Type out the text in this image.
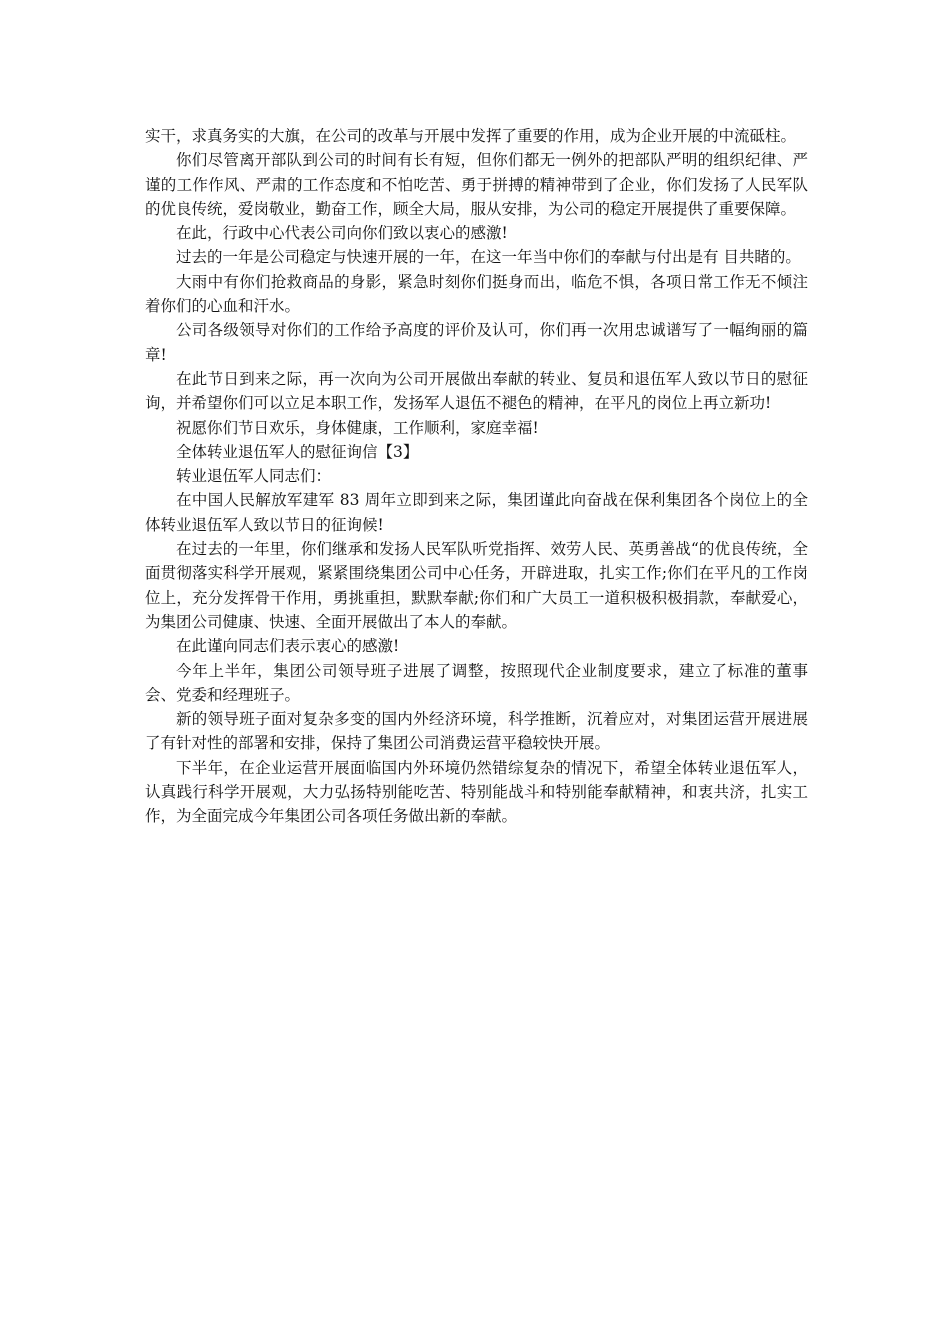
实干，求真务实的大旗，在公司的改革与开展中发挥了重要的作用，成为企业开展的中流砥柱。

你们尽管离开部队到公司的时间有长有短，但你们都无一例外的把部队严明的组织纪律、严谨的工作作风、严肃的工作态度和不怕吃苦、勇于拼搏的精神带到了企业，你们发扬了人民军队的优良传统，爱岗敬业，勤奋工作，顾全大局，服从安排，为公司的稳定开展提供了重要保障。

在此，行政中心代表公司向你们致以衷心的感激!

过去的一年是公司稳定与快速开展的一年，在这一年当中你们的奉献与付出是有 目共睹的。

大雨中有你们抢救商品的身影，紧急时刻你们挺身而出，临危不惧，各项日常工作无不倾注着你们的心血和汗水。

公司各级领导对你们的工作给予高度的评价及认可，你们再一次用忠诚谱写了一幅绚丽的篇章!

在此节日到来之际，再一次向为公司开展做出奉献的转业、复员和退伍军人致以节日的慰征询，并希望你们可以立足本职工作，发扬军人退伍不褪色的精神，在平凡的岗位上再立新功!

祝愿你们节日欢乐，身体健康，工作顺利，家庭幸福!

全体转业退伍军人的慰征询信【3】

转业退伍军人同志们：

在中国人民解放军建军 83 周年立即到来之际，集团谨此向奋战在保利集团各个岗位上的全体转业退伍军人致以节日的征询候!

在过去的一年里，你们继承和发扬人民军队听党指挥、效劳人民、英勇善战“的优良传统，全面贯彻落实科学开展观，紧紧围绕集团公司中心任务，开辟进取，扎实工作;你们在平凡的工作岗位上，充分发挥骨干作用，勇挑重担，默默奉献;你们和广大员工一道积极积极捐款，奉献爱心，为集团公司健康、快速、全面开展做出了本人的奉献。

在此谨向同志们表示衷心的感激!

今年上半年，集团公司领导班子进展了调整，按照现代企业制度要求，建立了标准的董事会、党委和经理班子。

新的领导班子面对复杂多变的国内外经济环境，科学推断，沉着应对，对集团运营开展进展了有针对性的部署和安排，保持了集团公司消费运营平稳较快开展。

下半年，在企业运营开展面临国内外环境仍然错综复杂的情况下，希望全体转业退伍军人，认真践行科学开展观，大力弘扬特别能吃苦、特别能战斗和特别能奉献精神，和衷共济，扎实工作，为全面完成今年集团公司各项任务做出新的奉献。
